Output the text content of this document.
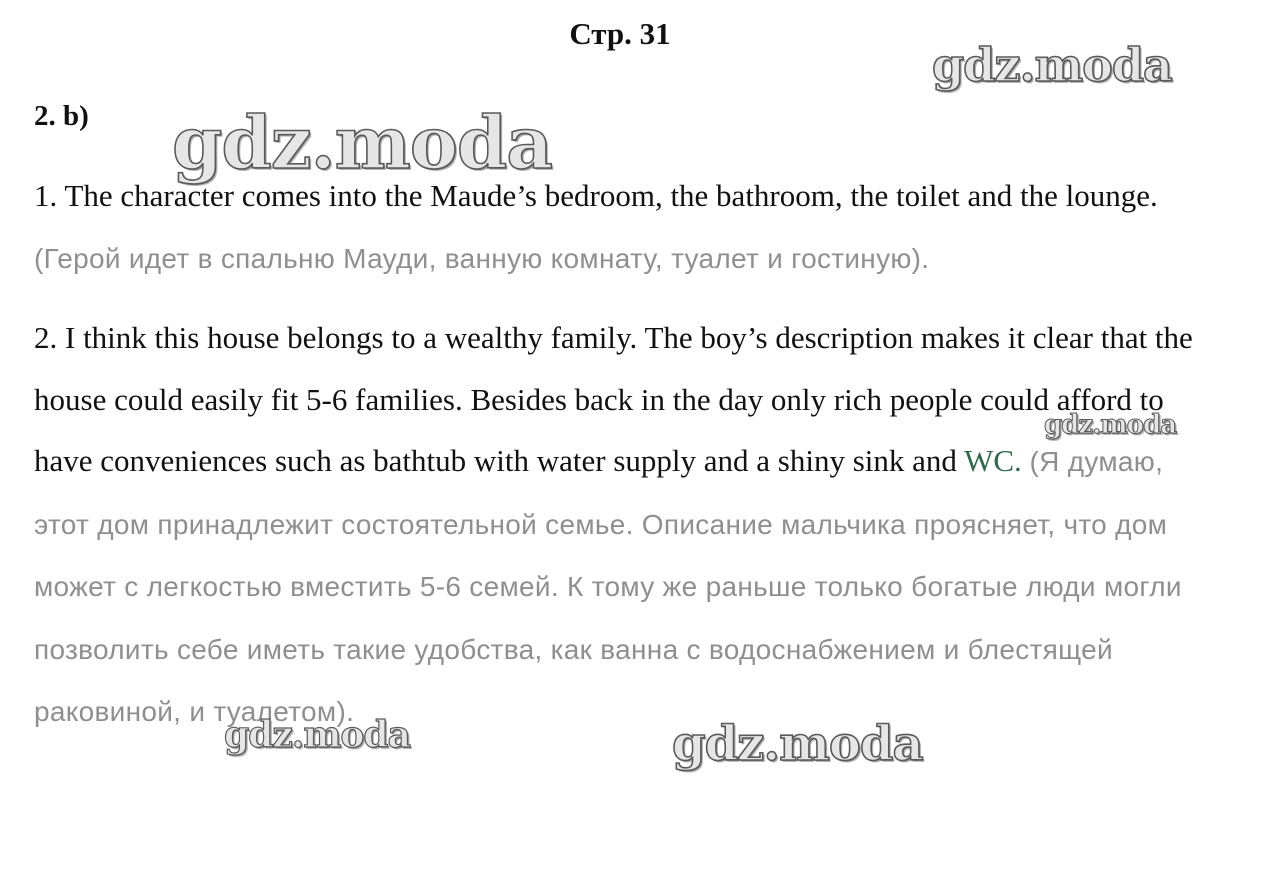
Стр. 31
2. b)

1. The character comes into the Maude’s bedroom, the bathroom, the toilet and the lounge. (Герой идет в спальню Мауди, ванную комнату, туалет и гостиную).

2. I think this house belongs to a wealthy family. The boy’s description makes it clear that the house could easily fit 5-6 families. Besides back in the day only rich people could afford to have conveniences such as bathtub with water supply and a shiny sink and WC. (Я думаю, этот дом принадлежит состоятельной семье. Описание мальчика проясняет, что дом может с легкостью вместить 5-6 семей. К тому же раньше только богатые люди могли позволить себе иметь такие удобства, как ванна с водоснабжением и блестящей раковиной, и туалетом).

gdz.moda
gdz.moda
gdz.moda
gdz.moda	gdz.moda
